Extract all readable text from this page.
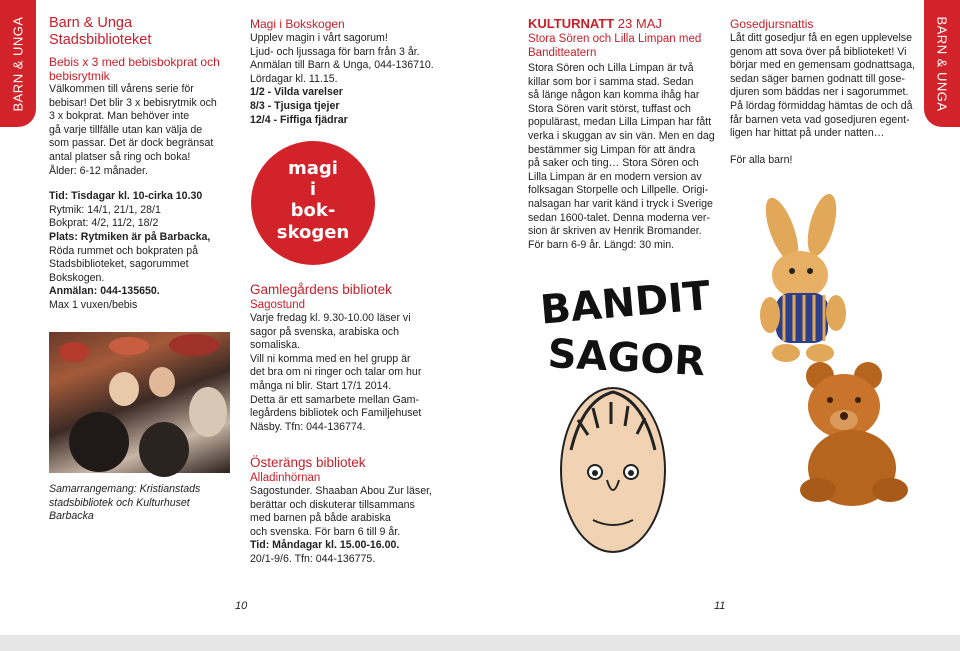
BARN & UNGA	BARN & UNGA
Barn & Unga Stadsbiblioteket
Bebis x 3 med bebisbokprat och bebisrytmik
Välkommen till vårens serie för
bebisar! Det blir 3 x bebisrytmik och
3 x bokprat. Man behöver inte
gå varje tillfälle utan kan välja de
som passar. Det är dock begränsat
antal platser så ring och boka!
Ålder: 6-12 månader.
Tid: Tisdagar kl. 10-cirka 10.30
Rytmik: 14/1, 21/1, 28/1
Bokprat: 4/2, 11/2, 18/2
Plats: Rytmiken är på Barbacka,
Röda rummet och bokpraten på
Stadsbiblioteket, sagorummet
Bokskogen.
Anmälan: 044-135650.
Max 1 vuxen/bebis
Samarrangemang: Kristianstads
stadsbibliotek och Kulturhuset
Barbacka
Magi i Bokskogen
Upplev magin i vårt sagorum!
Ljud- och ljussaga för barn från 3 år.
Anmälan till Barn & Unga, 044-136710.
Lördagar kl. 11.15.
1/2 - Vilda varelser
8/3 - Tjusiga tjejer
12/4 - Fiffiga fjädrar
magi
i
bok-
skogen
Gamlegårdens bibliotek
Sagostund
Varje fredag kl. 9.30-10.00 läser vi
sagor på svenska, arabiska och
somaliska.
Vill ni komma med en hel grupp är
det bra om ni ringer och talar om hur
många ni blir. Start 17/1 2014.
Detta är ett samarbete mellan Gam-
legårdens bibliotek och Familjehuset
Näsby. Tfn: 044-136774.
Österängs bibliotek
Alladinhörnan
Sagostunder. Shaaban Abou Zur läser,
berättar och diskuterar tillsammans
med barnen på både arabiska
och svenska. För barn 6 till 9 år.
Tid: Måndagar kl. 15.00-16.00.
20/1-9/6. Tfn: 044-136775.
KULTURNATT 23 MAJ
Stora Sören och Lilla Limpan med
Banditteatern
Stora Sören och Lilla Limpan är två
killar som bor i samma stad. Sedan
så länge någon kan komma ihåg har
Stora Sören varit störst, tuffast och
populärast, medan Lilla Limpan har fått
verka i skuggan av sin vän. Men en dag
bestämmer sig Limpan för att ändra
på saker och ting… Stora Sören och
Lilla Limpan är en modern version av
folksagan Storpelle och Lillpelle. Origi-
nalsagan har varit känd i tryck i Sverige
sedan 1600-talet. Denna moderna ver-
sion är skriven av Henrik Bromander.
För barn 6-9 år. Längd: 30 min.
BANDIT
SAGOR
Gosedjursnattis
Låt ditt gosedjur få en egen upplevelse
genom att sova över på biblioteket! Vi
börjar med en gemensam godnattsaga,
sedan säger barnen godnatt till gose-
djuren som bäddas ner i sagorummet.
På lördag förmiddag hämtas de och då
får barnen veta vad gosedjuren egent-
ligen har hittat på under natten…
För alla barn!
10	11
